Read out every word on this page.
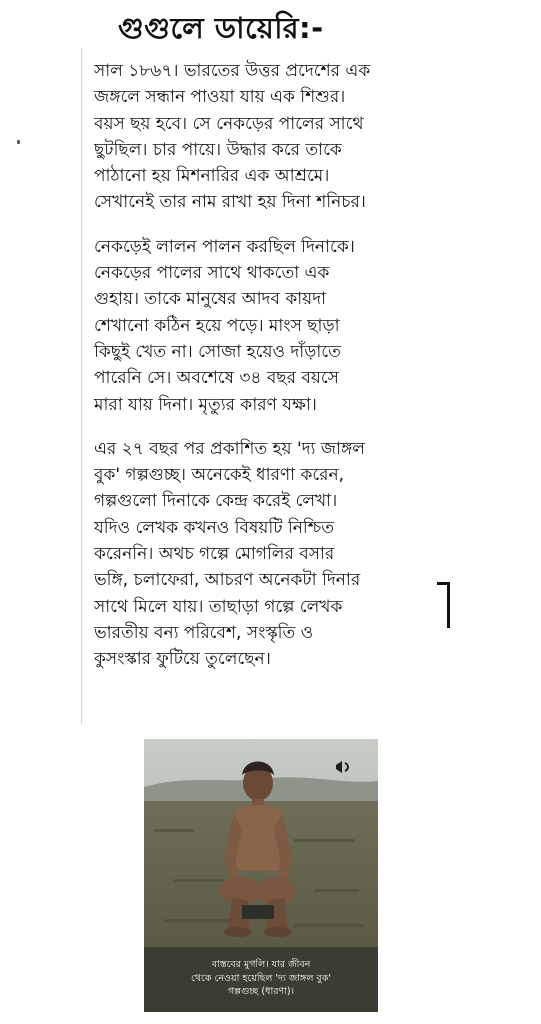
গুগুলে ডায়েরি:-
সাল ১৮৬৭। ভারতের উত্তর প্রদেশের এক
জঙ্গলে সন্ধান পাওয়া যায় এক শিশুর।
বয়স ছয় হবে। সে নেকড়ের পালের সাথে
ছুটছিল। চার পায়ে। উদ্ধার করে তাকে
পাঠানো হয় মিশনারির এক আশ্রমে।
সেখানেই তার নাম রাখা হয় দিনা শনিচর।
নেকড়েই লালন পালন করছিল দিনাকে।
নেকড়ের পালের সাথে থাকতো এক
গুহায়। তাকে মানুষের আদব কায়দা
শেখানো কঠিন হয়ে পড়ে। মাংস ছাড়া
কিছুই খেত না। সোজা হয়েও দাঁড়াতে
পারেনি সে। অবশেষে ৩৪ বছর বয়সে
মারা যায় দিনা। মৃত্যুর কারণ যক্ষা।
এর ২৭ বছর পর প্রকাশিত হয় 'দ্য জাঙ্গল
বুক' গল্পগুচ্ছ। অনেকেই ধারণা করেন,
গল্পগুলো দিনাকে কেন্দ্র করেই লেখা।
যদিও লেখক কখনও বিষয়টি নিশ্চিত
করেননি। অথচ গল্পে মোগলির বসার
ভঙ্গি, চলাফেরা, আচরণ অনেকটা দিনার
সাথে মিলে যায়। তাছাড়া গল্পে লেখক
ভারতীয় বন্য পরিবেশ, সংস্কৃতি ও
কুসংস্কার ফুটিয়ে তুলেছেন।
বাস্তবের মুগলি। যার জীবন
থেকে নেওয়া হয়েছিল 'দ্য জাঙ্গল বুক'
গল্পগুচ্ছ (ধারণা)।
